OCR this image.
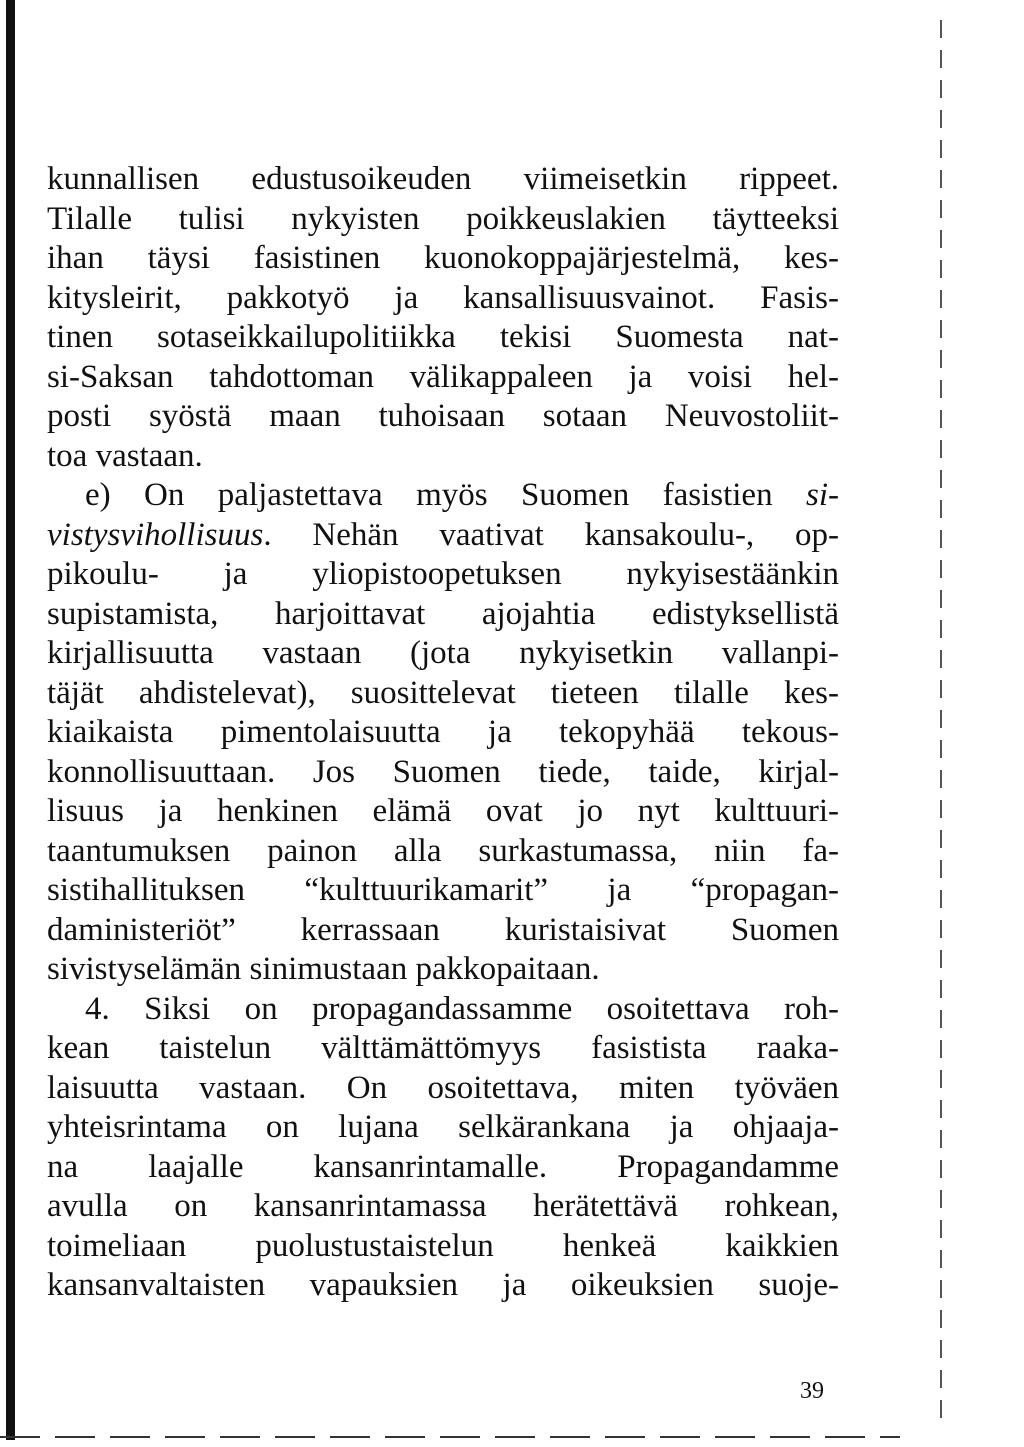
kunnallisen edustusoikeuden viimeisetkin rippeet.
Tilalle tulisi nykyisten poikkeuslakien täytteeksi
ihan täysi fasistinen kuonokoppajärjestelmä, kes-
kitysleirit, pakkotyö ja kansallisuusvainot. Fasis-
tinen sotaseikkailupolitiikka tekisi Suomesta nat-
si-Saksan tahdottoman välikappaleen ja voisi hel-
posti syöstä maan tuhoisaan sotaan Neuvostoliit-
toa vastaan.
e) On paljastettava myös Suomen fasistien si-
vistysvihollisuus. Nehän vaativat kansakoulu-, op-
pikoulu- ja yliopistoopetuksen nykyisestäänkin
supistamista, harjoittavat ajojahtia edistyksellistä
kirjallisuutta vastaan (jota nykyisetkin vallanpi-
täjät ahdistelevat), suosittelevat tieteen tilalle kes-
kiaikaista pimentolaisuutta ja tekopyhää tekous-
konnollisuuttaan. Jos Suomen tiede, taide, kirjal-
lisuus ja henkinen elämä ovat jo nyt kulttuuri-
taantumuksen painon alla surkastumassa, niin fa-
sistihallituksen “kulttuurikamarit” ja “propagan-
daministeriöt” kerrassaan kuristaisivat Suomen
sivistyselämän sinimustaan pakkopaitaan.
4. Siksi on propagandassamme osoitettava roh-
kean taistelun välttämättömyys fasistista raaka-
laisuutta vastaan. On osoitettava, miten työväen
yhteisrintama on lujana selkärankana ja ohjaaja-
na laajalle kansanrintamalle. Propagandamme
avulla on kansanrintamassa herätettävä rohkean,
toimeliaan puolustustaistelun henkeä kaikkien
kansanvaltaisten vapauksien ja oikeuksien suoje-
39
